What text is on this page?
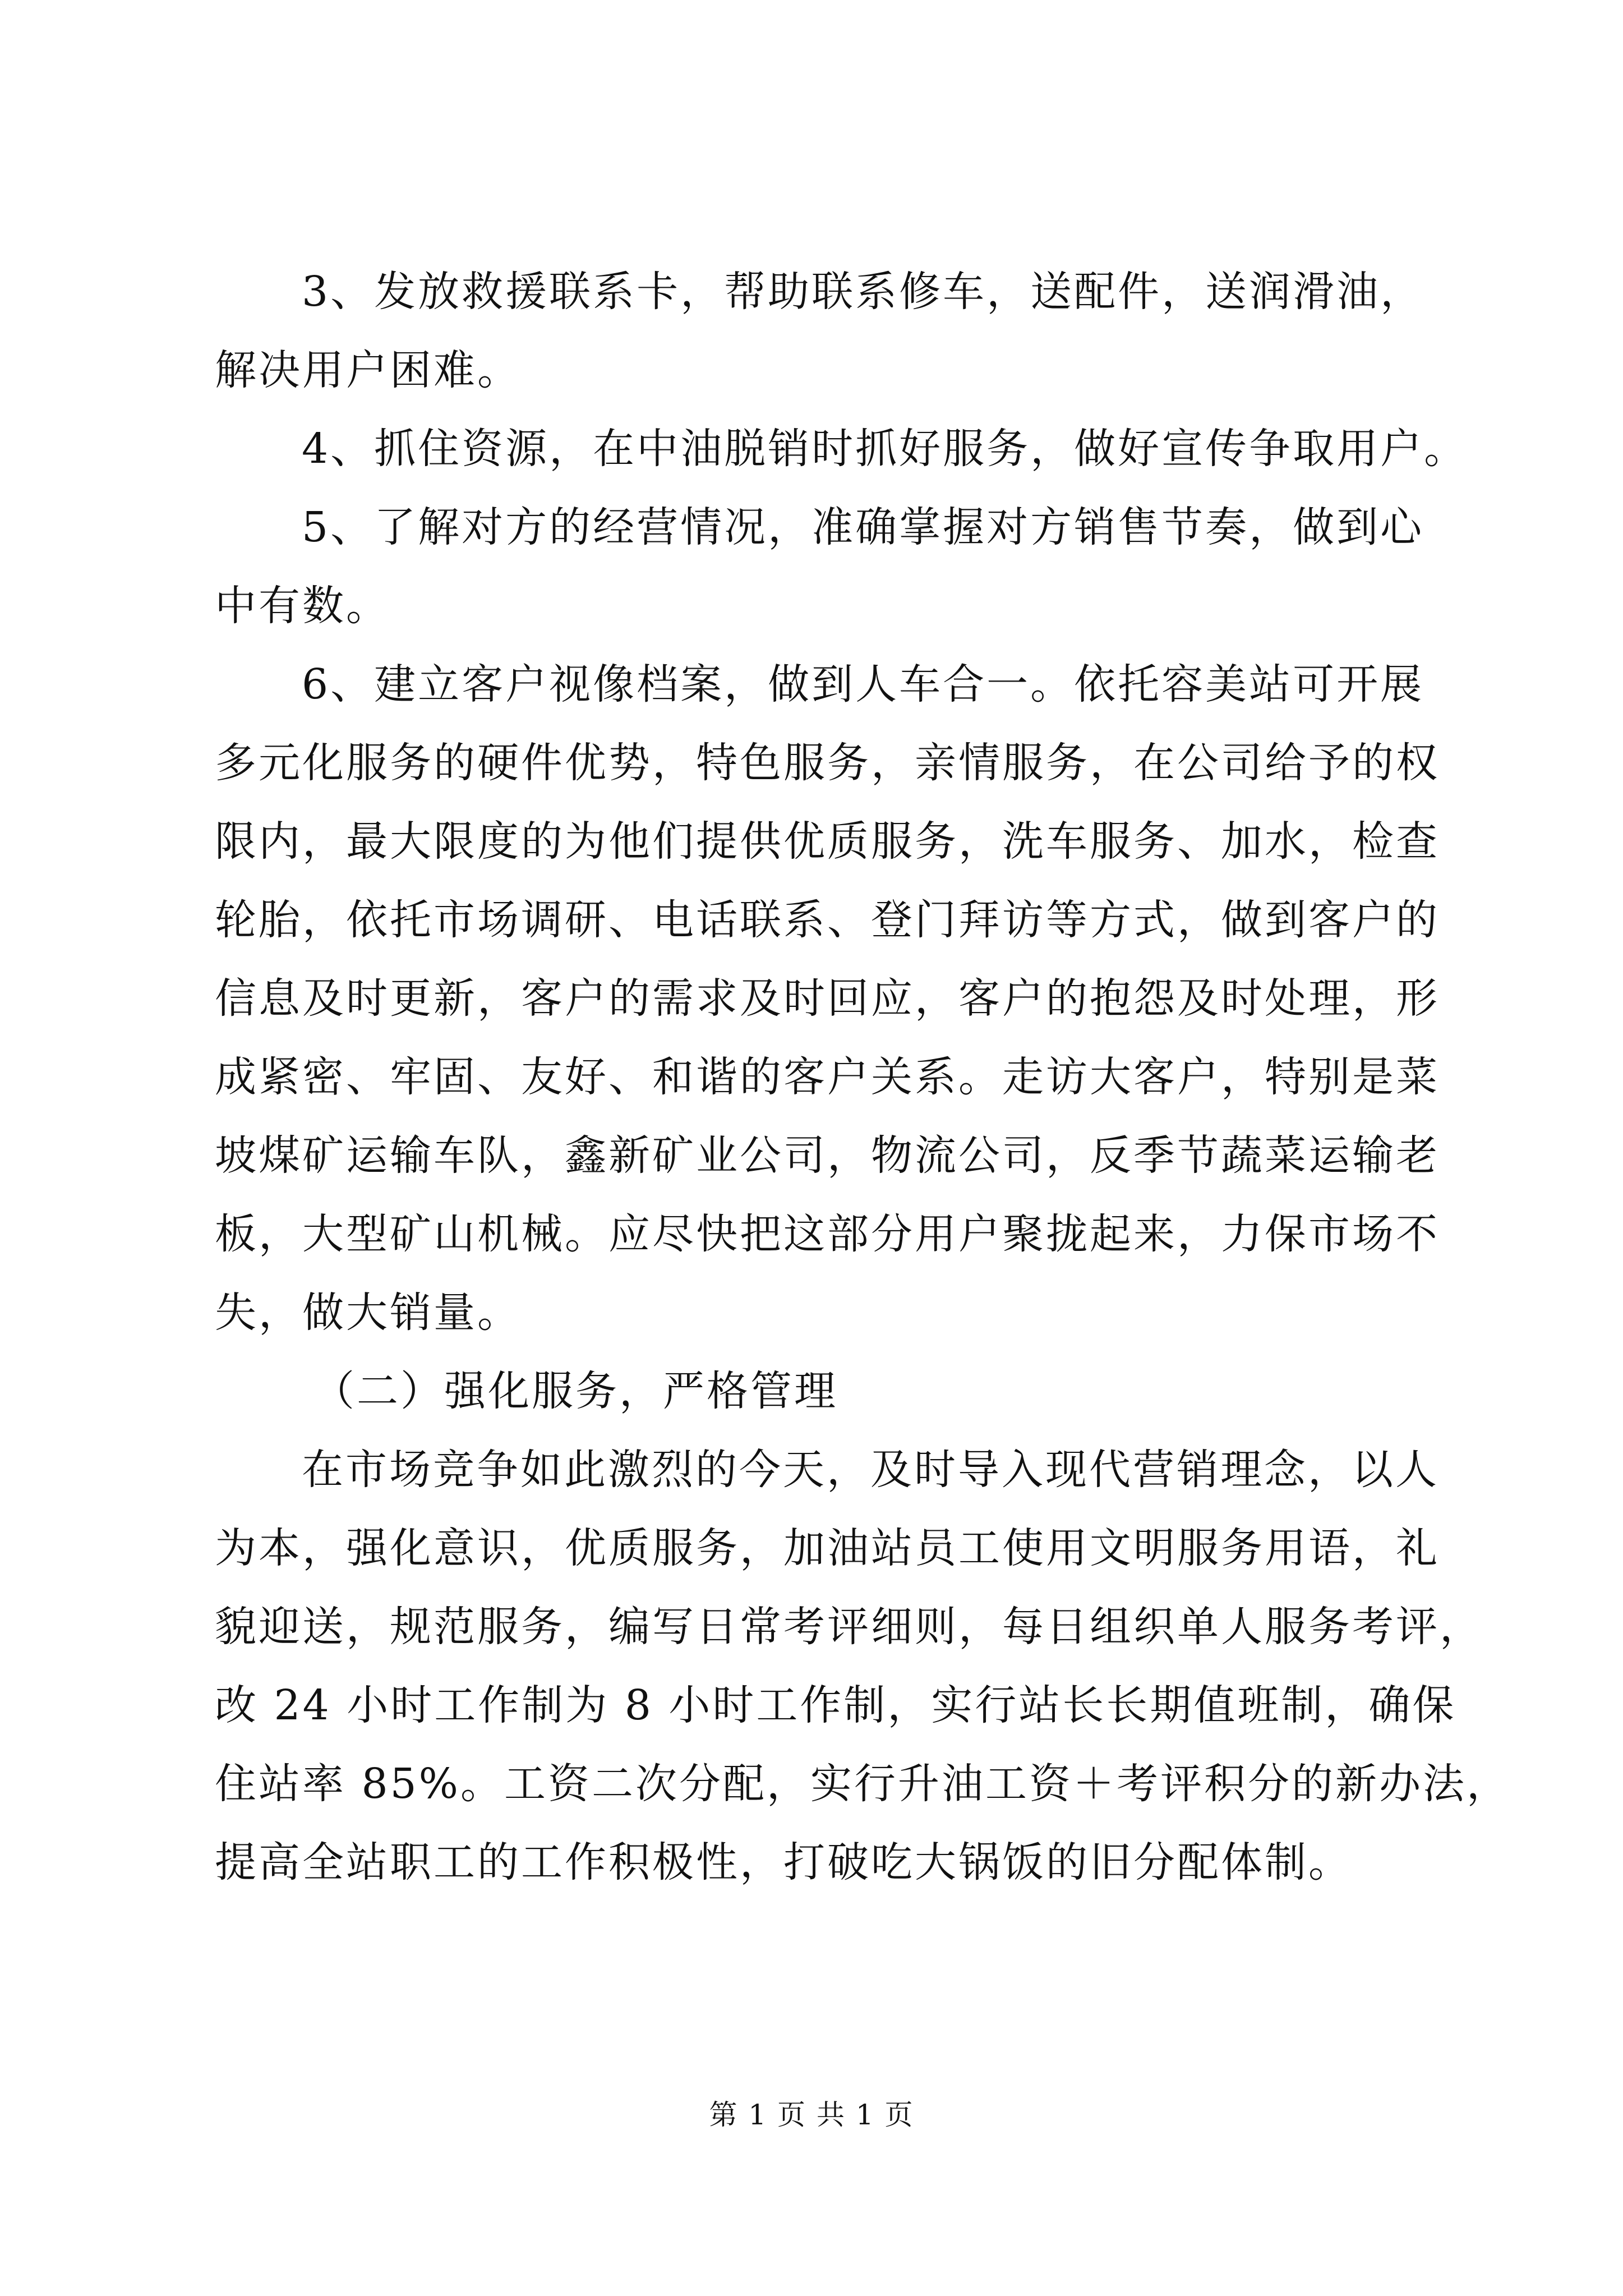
3、发放救援联系卡，帮助联系修车，送配件，送润滑油，
解决用户困难。
4、抓住资源，在中油脱销时抓好服务，做好宣传争取用户。
5、了解对方的经营情况，准确掌握对方销售节奏，做到心
中有数。
6、建立客户视像档案，做到人车合一。依托容美站可开展
多元化服务的硬件优势，特色服务，亲情服务，在公司给予的权
限内，最大限度的为他们提供优质服务，洗车服务、加水，检查
轮胎，依托市场调研、电话联系、登门拜访等方式，做到客户的
信息及时更新，客户的需求及时回应，客户的抱怨及时处理，形
成紧密、牢固、友好、和谐的客户关系。走访大客户，特别是菜
坡煤矿运输车队，鑫新矿业公司，物流公司，反季节蔬菜运输老
板，大型矿山机械。应尽快把这部分用户聚拢起来，力保市场不
失，做大销量。
（二）强化服务，严格管理
在市场竞争如此激烈的今天，及时导入现代营销理念，以人
为本，强化意识，优质服务，加油站员工使用文明服务用语，礼
貌迎送，规范服务，编写日常考评细则，每日组织单人服务考评，
改 24 小时工作制为 8 小时工作制，实行站长长期值班制，确保
住站率 85%。工资二次分配，实行升油工资＋考评积分的新办法，
提高全站职工的工作积极性，打破吃大锅饭的旧分配体制。
第 1 页 共 1 页
